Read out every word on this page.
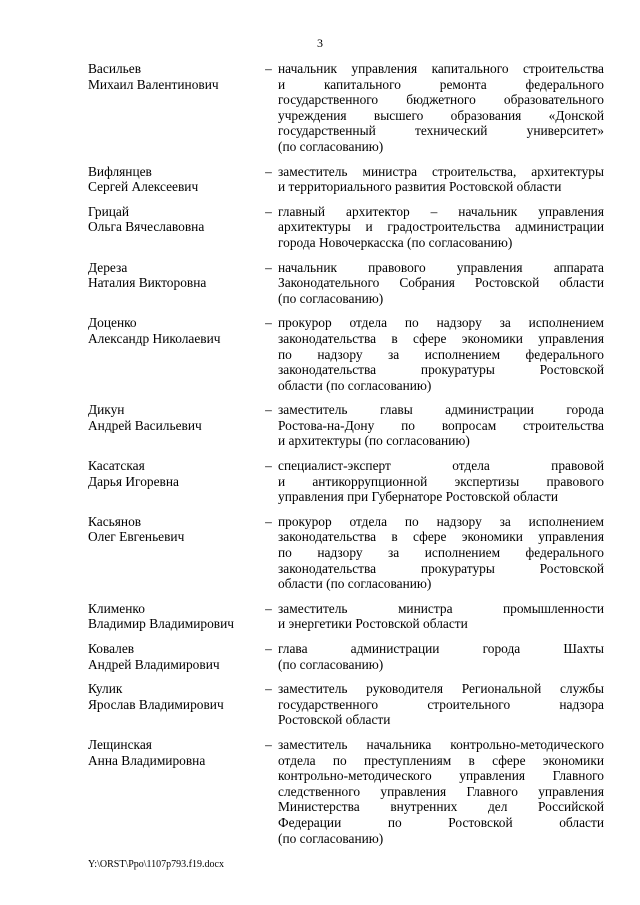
3
Васильев
Михаил Валентинович
– начальник управления капитального строительства
и капитального ремонта федерального
государственного бюджетного образовательного
учреждения высшего образования «Донской
государственный технический университет»
(по согласованию)
Вифлянцев
Сергей Алексеевич
– заместитель министра строительства, архитектуры
и территориального развития Ростовской области
Грицай
Ольга Вячеславовна
– главный архитектор – начальник управления
архитектуры и градостроительства администрации
города Новочеркасска (по согласованию)
Дереза
Наталия Викторовна
– начальник правового управления аппарата
Законодательного Собрания Ростовской области
(по согласованию)
Доценко
Александр Николаевич
– прокурор отдела по надзору за исполнением
законодательства в сфере экономики управления
по надзору за исполнением федерального
законодательства прокуратуры Ростовской
области (по согласованию)
Дикун
Андрей Васильевич
– заместитель главы администрации города
Ростова-на-Дону по вопросам строительства
и архитектуры (по согласованию)
Касатская
Дарья Игоревна
– специалист-эксперт отдела правовой
и антикоррупционной экспертизы правового
управления при Губернаторе Ростовской области
Касьянов
Олег Евгеньевич
– прокурор отдела по надзору за исполнением
законодательства в сфере экономики управления
по надзору за исполнением федерального
законодательства прокуратуры Ростовской
области (по согласованию)
Клименко
Владимир Владимирович
– заместитель министра промышленности
и энергетики Ростовской области
Ковалев
Андрей Владимирович
– глава администрации города Шахты
(по согласованию)
Кулик
Ярослав Владимирович
– заместитель руководителя Региональной службы
государственного строительного надзора
Ростовской области
Лещинская
Анна Владимировна
– заместитель начальника контрольно-методического
отдела по преступлениям в сфере экономики
контрольно-методического управления Главного
следственного управления Главного управления
Министерства внутренних дел Российской
Федерации по Ростовской области
(по согласованию)
Y:\ORST\Ppo\1107p793.f19.docx
